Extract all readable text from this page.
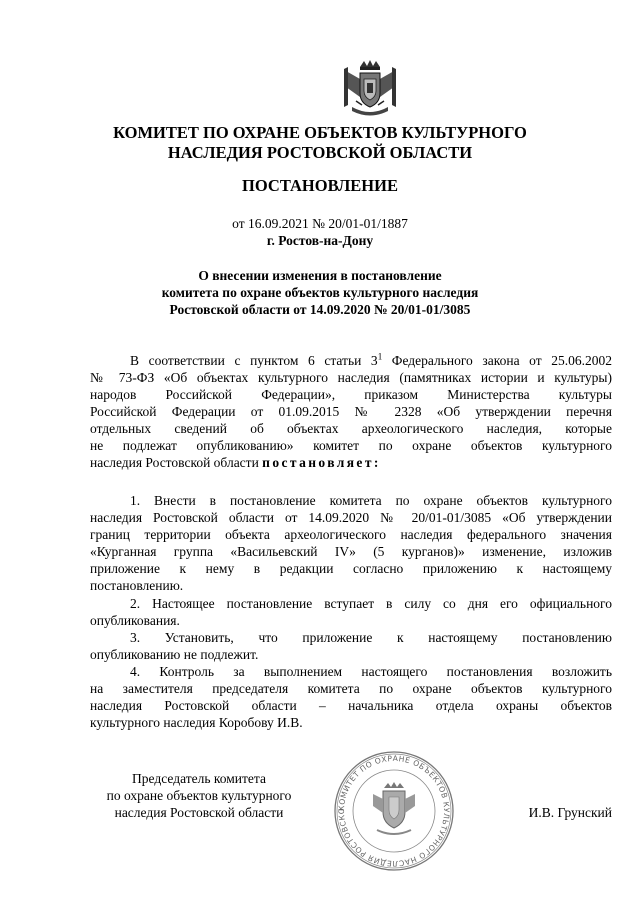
КОМИТЕТ ПО ОХРАНЕ ОБЪЕКТОВ КУЛЬТУРНОГО
НАСЛЕДИЯ РОСТОВСКОЙ ОБЛАСТИ
ПОСТАНОВЛЕНИЕ
от 16.09.2021 № 20/01-01/1887
г. Ростов-на-Дону
О внесении изменения в постановление
комитета по охране объектов культурного наследия
Ростовской области от 14.09.2020 № 20/01-01/3085
В соответствии с пунктом 6 статьи $3^1$ Федерального закона от 25.06.2002
№ 73-ФЗ «Об объектах культурного наследия (памятниках истории и культуры)
народов Российской Федерации», приказом Министерства культуры
Российской Федерации от 01.09.2015 № 2328 «Об утверждении перечня
отдельных сведений об объектах археологического наследия, которые
не подлежат опубликованию» комитет по охране объектов культурного
наследия Ростовской области постановляет:
1. Внести в постановление комитета по охране объектов культурного
наследия Ростовской области от 14.09.2020 № 20/01-01/3085 «Об утверждении
границ территории объекта археологического наследия федерального значения
«Курганная группа «Васильевский IV» (5 курганов)» изменение, изложив
приложение к нему в редакции согласно приложению к настоящему
постановлению.
2. Настоящее постановление вступает в силу со дня его официального
опубликования.
3. Установить, что приложение к настоящему постановлению
опубликованию не подлежит.
4. Контроль за выполнением настоящего постановления возложить
на заместителя председателя комитета по охране объектов культурного
наследия Ростовской области – начальника отдела охраны объектов
культурного наследия Коробову И.В.
Председатель комитета
по охране объектов культурного
наследия Ростовской области	КОМИТЕТ ПО ОХРАНЕ ОБЪЕКТОВ КУЛЬТУРНОГО НАСЛЕДИЯ РОСТОВСКО	И.В. Грунский
